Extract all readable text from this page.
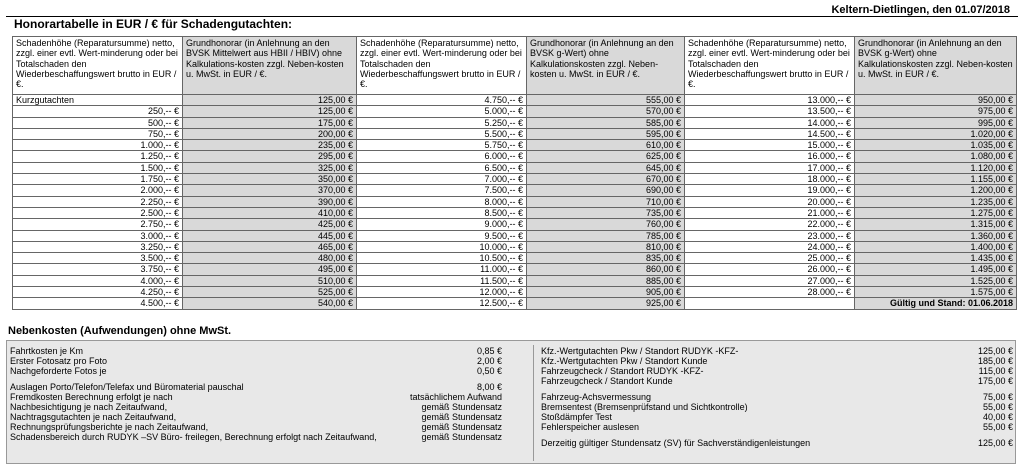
Keltern-Dietlingen, den 01.07/2018
Honorartabelle in EUR / € für Schadengutachten:
Schadenhöhe (Reparatursumme) netto, zzgl. einer evtl. Wert-minderung oder bei Totalschaden den Wiederbeschaffungswert brutto in EUR / €.	Grundhonorar (in Anlehnung an den BVSK Mittelwert aus HBII / HBIV) ohne Kalkulations-kosten zzgl. Neben-kosten u. MwSt. in EUR / €.	Schadenhöhe (Reparatursumme) netto, zzgl. einer evtl. Wert-minderung oder bei Totalschaden den Wiederbeschaffungswert brutto in EUR / €.	Grundhonorar (in Anlehnung an den BVSK g-Wert) ohne Kalkulationskosten zzgl. Neben-kosten u. MwSt. in EUR / €.	Schadenhöhe (Reparatursumme) netto, zzgl. einer evtl. Wert-minderung oder bei Totalschaden den Wiederbeschaffungswert brutto in EUR / €.	Grundhonorar (in Anlehnung an den BVSK g-Wert) ohne Kalkulationskosten zzgl. Neben-kosten u. MwSt. in EUR / €.
Kurzgutachten	125,00 €	4.750,-- €	555,00 €	13.000,-- €	950,00 €
250,-- €	125,00 €	5.000,-- €	570,00 €	13.500,-- €	975,00 €
500,-- €	175,00 €	5.250,-- €	585,00 €	14.000,-- €	995,00 €
750,-- €	200,00 €	5.500,-- €	595,00 €	14.500,-- €	1.020,00 €
1.000,-- €	235,00 €	5.750,-- €	610,00 €	15.000,-- €	1.035,00 €
1.250,-- €	295,00 €	6.000,-- €	625,00 €	16.000,-- €	1.080,00 €
1.500,-- €	325,00 €	6.500,-- €	645,00 €	17.000,-- €	1.120,00 €
1.750,-- €	350,00 €	7.000,-- €	670,00 €	18.000,-- €	1.155,00 €
2.000,-- €	370,00 €	7.500,-- €	690,00 €	19.000,-- €	1.200,00 €
2.250,-- €	390,00 €	8.000,-- €	710,00 €	20.000,-- €	1.235,00 €
2.500,-- €	410,00 €	8.500,-- €	735,00 €	21.000,-- €	1.275,00 €
2.750,-- €	425,00 €	9.000,-- €	760,00 €	22.000,-- €	1.315,00 €
3.000,-- €	445,00 €	9.500,-- €	785,00 €	23.000,-- €	1.360,00 €
3.250,-- €	465,00 €	10.000,-- €	810,00 €	24.000,-- €	1.400,00 €
3.500,-- €	480,00 €	10.500,-- €	835,00 €	25.000,-- €	1.435,00 €
3.750,-- €	495,00 €	11.000,-- €	860,00 €	26.000,-- €	1.495,00 €
4.000,-- €	510,00 €	11.500,-- €	885,00 €	27.000,-- €	1.525,00 €
4.250,-- €	525,00 €	12.000,-- €	905,00 €	28.000,-- €	1.575,00 €
4.500,-- €	540,00 €	12.500,-- €	925,00 €		Gültig und Stand: 01.06.2018
Nebenkosten (Aufwendungen) ohne MwSt.
Fahrtkosten je Km	0,85 €
Erster Fotosatz pro Foto	2,00 €
Nachgeforderte Fotos je	0,50 €
Auslagen Porto/Telefon/Telefax und Büromaterial pauschal	8,00 €
Fremdkosten Berechnung erfolgt je nach	tatsächlichem Aufwand
Nachbesichtigung je nach Zeitaufwand,	gemäß Stundensatz
Nachtragsgutachten je nach Zeitaufwand,	gemäß Stundensatz
Rechnungsprüfungsberichte je nach Zeitaufwand,	gemäß Stundensatz
Schadensbereich durch RUDYK –SV Büro- freilegen, Berechnung erfolgt nach Zeitaufwand,	gemäß Stundensatz
Kfz.-Wertgutachten Pkw / Standort RUDYK -KFZ-	125,00 €
Kfz.-Wertgutachten Pkw / Standort Kunde	185,00 €
Fahrzeugcheck / Standort RUDYK -KFZ-	115,00 €
Fahrzeugcheck / Standort Kunde	175,00 €
Fahrzeug-Achsvermessung	75,00 €
Bremsentest (Bremsenprüfstand und Sichtkontrolle)	55,00 €
Stoßdämpfer Test	40,00 €
Fehlerspeicher auslesen	55,00 €
Derzeitig gültiger Stundensatz (SV) für Sachverständigenleistungen	125,00 €
